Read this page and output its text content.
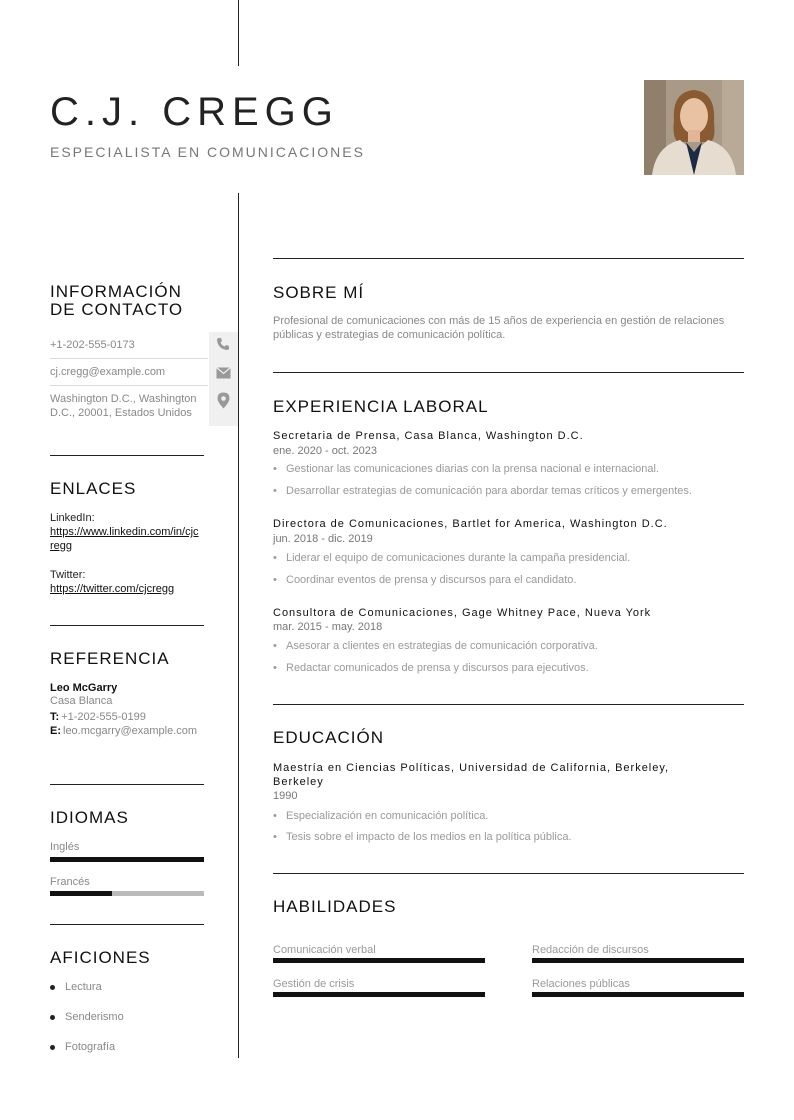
C.J. CREGG
ESPECIALISTA EN COMUNICACIONES
INFORMACIÓN
DE CONTACTO
+1-202-555-0173
cj.cregg@example.com
Washington D.C., Washington D.C., 20001, Estados Unidos
ENLACES
LinkedIn:
https://www.linkedin.com/in/cjcregg
Twitter:
https://twitter.com/cjcregg
REFERENCIA
Leo McGarry
Casa Blanca
T: +1-202-555-0199
E: leo.mcgarry@example.com
IDIOMAS
Inglés
Francés
AFICIONES
Lectura
Senderismo
Fotografía
SOBRE MÍ
Profesional de comunicaciones con más de 15 años de experiencia en gestión de relaciones públicas y estrategias de comunicación política.
EXPERIENCIA LABORAL
Secretaria de Prensa, Casa Blanca, Washington D.C.
ene. 2020 - oct. 2023
• Gestionar las comunicaciones diarias con la prensa nacional e internacional.
• Desarrollar estrategias de comunicación para abordar temas críticos y emergentes.
Directora de Comunicaciones, Bartlet for America, Washington D.C.
jun. 2018 - dic. 2019
• Liderar el equipo de comunicaciones durante la campaña presidencial.
• Coordinar eventos de prensa y discursos para el candidato.
Consultora de Comunicaciones, Gage Whitney Pace, Nueva York
mar. 2015 - may. 2018
• Asesorar a clientes en estrategias de comunicación corporativa.
• Redactar comunicados de prensa y discursos para ejecutivos.
EDUCACIÓN
Maestría en Ciencias Políticas, Universidad de California, Berkeley, Berkeley
1990
• Especialización en comunicación política.
• Tesis sobre el impacto de los medios en la política pública.
HABILIDADES
Comunicación verbal	Redacción de discursos
Gestión de crisis	Relaciones públicas
